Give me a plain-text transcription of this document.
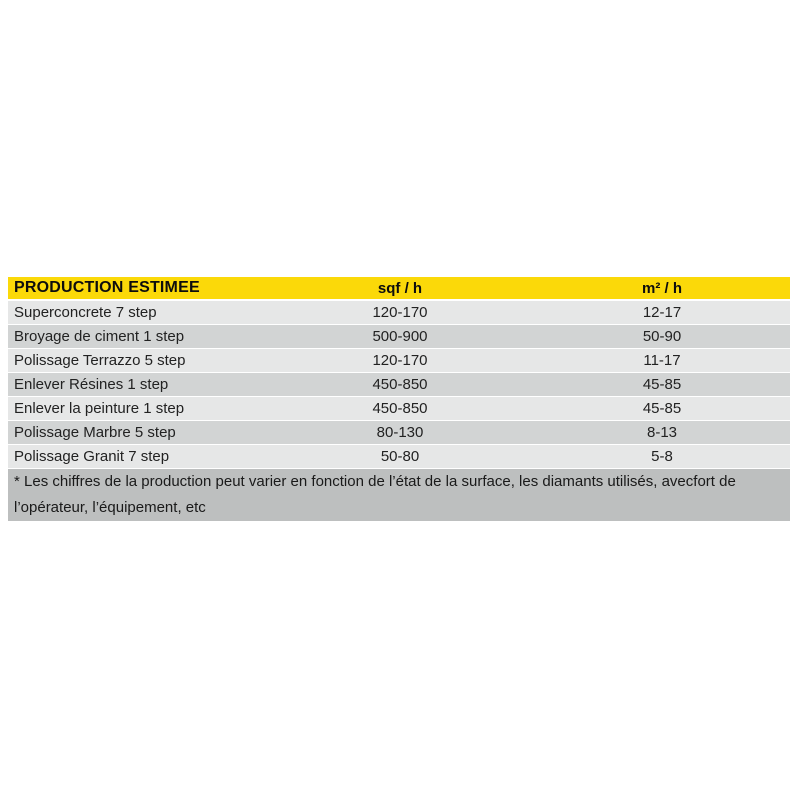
PRODUCTION ESTIMEE	sqf / h	m² / h
Superconcrete 7 step	120-170	12-17
Broyage de ciment 1 step	500-900	50-90
Polissage Terrazzo 5 step	120-170	11-17
Enlever Résines 1 step	450-850	45-85
Enlever la peinture 1 step	450-850	45-85
Polissage Marbre 5 step	80-130	8-13
Polissage Granit 7 step	50-80	5-8
* Les chiffres de la production peut varier en fonction de l’état de la surface, les diamants utilisés, avecfort de l’opérateur, l’équipement, etc
